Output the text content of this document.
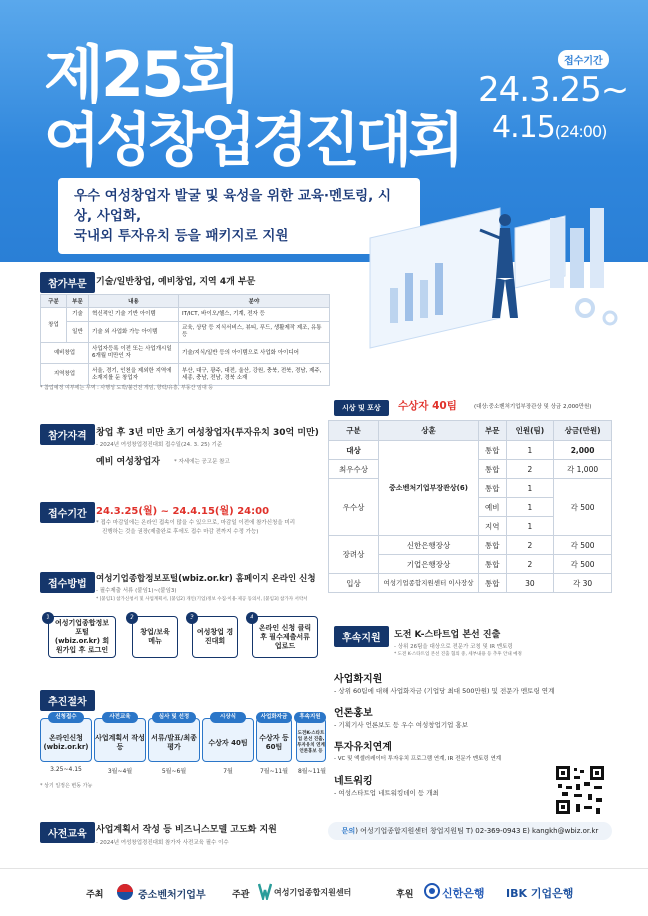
제25회
여성창업경진대회
접수기간
24.3.25~
4.15(24:00)
우수 여성창업자 발굴 및 육성을 위한 교육·멘토링, 시상, 사업화,
국내외 투자유치 등을 패키지로 지원
참가부문	기술/일반창업, 예비창업, 지역 4개 부문
구분	부문	내용	분야
창업	기술	혁신적인 기술 기반 아이템	IT/ICT, 바이오/헬스, 기계, 전자 등
	일반	기술 외 사업화 가능 아이템	교육, 상담 등 지식서비스, 뷰티, 푸드, 생활제작 제조, 유통 등
예비창업		사업자등록 이전 또는 사업개시일 6개월 미만인 자	기술/지식/일반 등의 아이템으로 사업화 아이디어
지역창업		서울, 경기, 인천을 제외한 지역에 소재지를 둔 창업자	부산, 대구, 광주, 대전, 울산, 강원, 충북, 전북, 경남, 제주, 세종, 충남, 전남, 경북 소재
* 참업예정 여부에는 무역 : 사행성 도박/불건전 게임, 향락/유흥, 부동산 임대 등
참가자격	창업 후 3년 미만 초기 여성창업자(투자유치 30억 미만)
- 2024년 여성창업경진대회 접수일(24. 3. 25) 기준
예비 여성창업자	* 자세에는 공고문 참고
접수기간 24.3.25(월) ~ 24.4.15(월) 24:00
* 접수 마감일에는 온라인 접속이 많을 수 있으므로, 마감일 이전에 참가신청을 미리
진행하는 것을 권장(제출완료 후에도 접수 마감 전까지 수정 가능)
접수방법	여성기업종합정보포털(wbiz.or.kr) 홈페이지 온라인 신청
- 필수제출 서류 (붙임1)~(붙임3)
* [붙임1] 참가신청서 및 사업계획서, [붙임2] 개인(기업)정보 수집·이용·제공 동의서, [붙임3] 참가자 서약서
1
여성기업종합정보포털 (wbiz.or.kr) 회원가입 후 로그인
2
창업/보육 메뉴
3
여성창업 경진대회
4
온라인 신청 클릭 후 필수제출서류 업로드
추진절차
온라인신청 (wbiz.or.kr)
신청접수
3.25~4.15
사업계획서 작성 등
사전교육
3월~4월
서류/발표/최종평가
심사 및 선정
5월~6월
수상자 40팀
시상식
7월
수상자 등 60팀
사업화자금
7월~11월
도전K-스타트업 본선 진출, 투자유치 연계 언론홍보 등
후속지원
8월~11월
* 상기 일정은 변동 가능
사전교육	사업계획서 작성 등 비즈니스모델 고도화 지원
- 2024년 여성창업경진대회 참가자 사전교육 필수 이수
시상 및 포상	수상자 40팀	(대상:중소벤처기업부장관상 및 상금 2,000만원)
구분	상훈	부문	인원(팀)	상금(만원)
대상	중소벤처기업부장관상(6)	통합	1	2,000
최우수상		통합	2	각 1,000
우수상		통합	1	각 500
		예비	1	
		지역	1	
장려상	신한은행장상	통합	2	각 500
	기업은행장상	통합	2	각 500
입상	여성기업종합지원센터 이사장상	통합	30	각 30
후속지원	도전 K-스타트업 본선 진출
- 상위 26팀을 대상으로 전문가 코칭 및 IR 멘토링
* 도전 K-스타트업 본선 진출 협의 중, 세부내용 등 추후 안내 예정
사업화지원
- 상위 60팀에 대해 사업화자금 (기업당 최대 500만원) 및 전문가 멘토링 연계
언론홍보
- 기획기사 언론보도 등 우수 여성창업기업 홍보
투자유치연계
- VC 및 액셀러레이터 투자유치 프로그램 연계, IR 전문가 멘토링 연계
네트워킹
- 여성스타트업 네트워킹데이 등 개최
문의) 여성기업종합지원센터 창업지원팀 T) 02-369-0943 E) kangkh@wbiz.or.kr
주최	중소벤처기업부	주관	여성기업종합지원센터	후원	신한은행 IBK 기업은행
